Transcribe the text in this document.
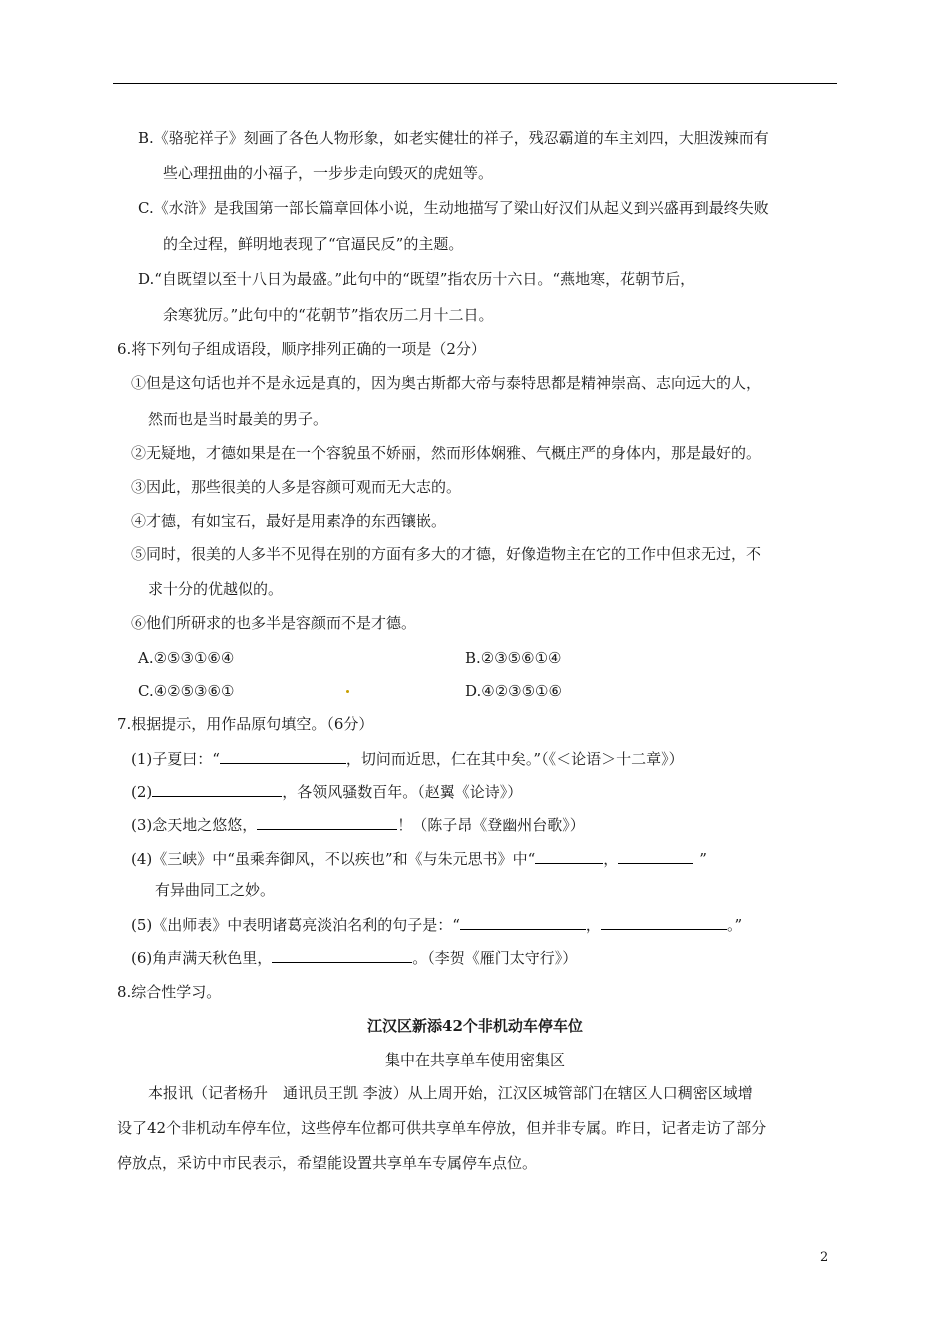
B.《骆驼祥子》刻画了各色人物形象，如老实健壮的祥子，残忍霸道的车主刘四，大胆泼辣而有
些心理扭曲的小福子，一步步走向毁灭的虎妞等。
C.《水浒》是我国第一部长篇章回体小说，生动地描写了梁山好汉们从起义到兴盛再到最终失败
的全过程，鲜明地表现了“官逼民反”的主题。
D.“自既望以至十八日为最盛。”此句中的“既望”指农历十六日。“燕地寒，花朝节后，
余寒犹厉。”此句中的“花朝节”指农历二月十二日。
6.将下列句子组成语段，顺序排列正确的一项是（2分）
①但是这句话也并不是永远是真的，因为奥古斯都大帝与泰特思都是精神崇高、志向远大的人，
然而也是当时最美的男子。
②无疑地，才德如果是在一个容貌虽不娇丽，然而形体娴雅、气概庄严的身体内，那是最好的。
③因此，那些很美的人多是容颜可观而无大志的。
④才德，有如宝石，最好是用素净的东西镶嵌。
⑤同时，很美的人多半不见得在别的方面有多大的才德，好像造物主在它的工作中但求无过，不
求十分的优越似的。
⑥他们所研求的也多半是容颜而不是才德。
A.②⑤③①⑥④	B.②③⑤⑥①④
C.④②⑤③⑥①	D.④②③⑤①⑥
7.根据提示，用作品原句填空。（6分）
(1)子夏曰：“	，切问而近思，仁在其中矣。”（《＜论语＞十二章》）
(2)	，各领风骚数百年。（赵翼《论诗》）
(3)念天地之悠悠，	！（陈子昂《登幽州台歌》）
(4)《三峡》中“虽乘奔御风，不以疾也”和《与朱元思书》中“	，	”
有异曲同工之妙。
(5)《出师表》中表明诸葛亮淡泊名利的句子是：“	，	。”
(6)角声满天秋色里，	。（李贺《雁门太守行》）
8.综合性学习。
江汉区新添42个非机动车停车位
集中在共享单车使用密集区
本报讯（记者杨升　通讯员王凯 李波）从上周开始，江汉区城管部门在辖区人口稠密区域增
设了42个非机动车停车位，这些停车位都可供共享单车停放，但并非专属。昨日，记者走访了部分
停放点，采访中市民表示，希望能设置共享单车专属停车点位。
2
